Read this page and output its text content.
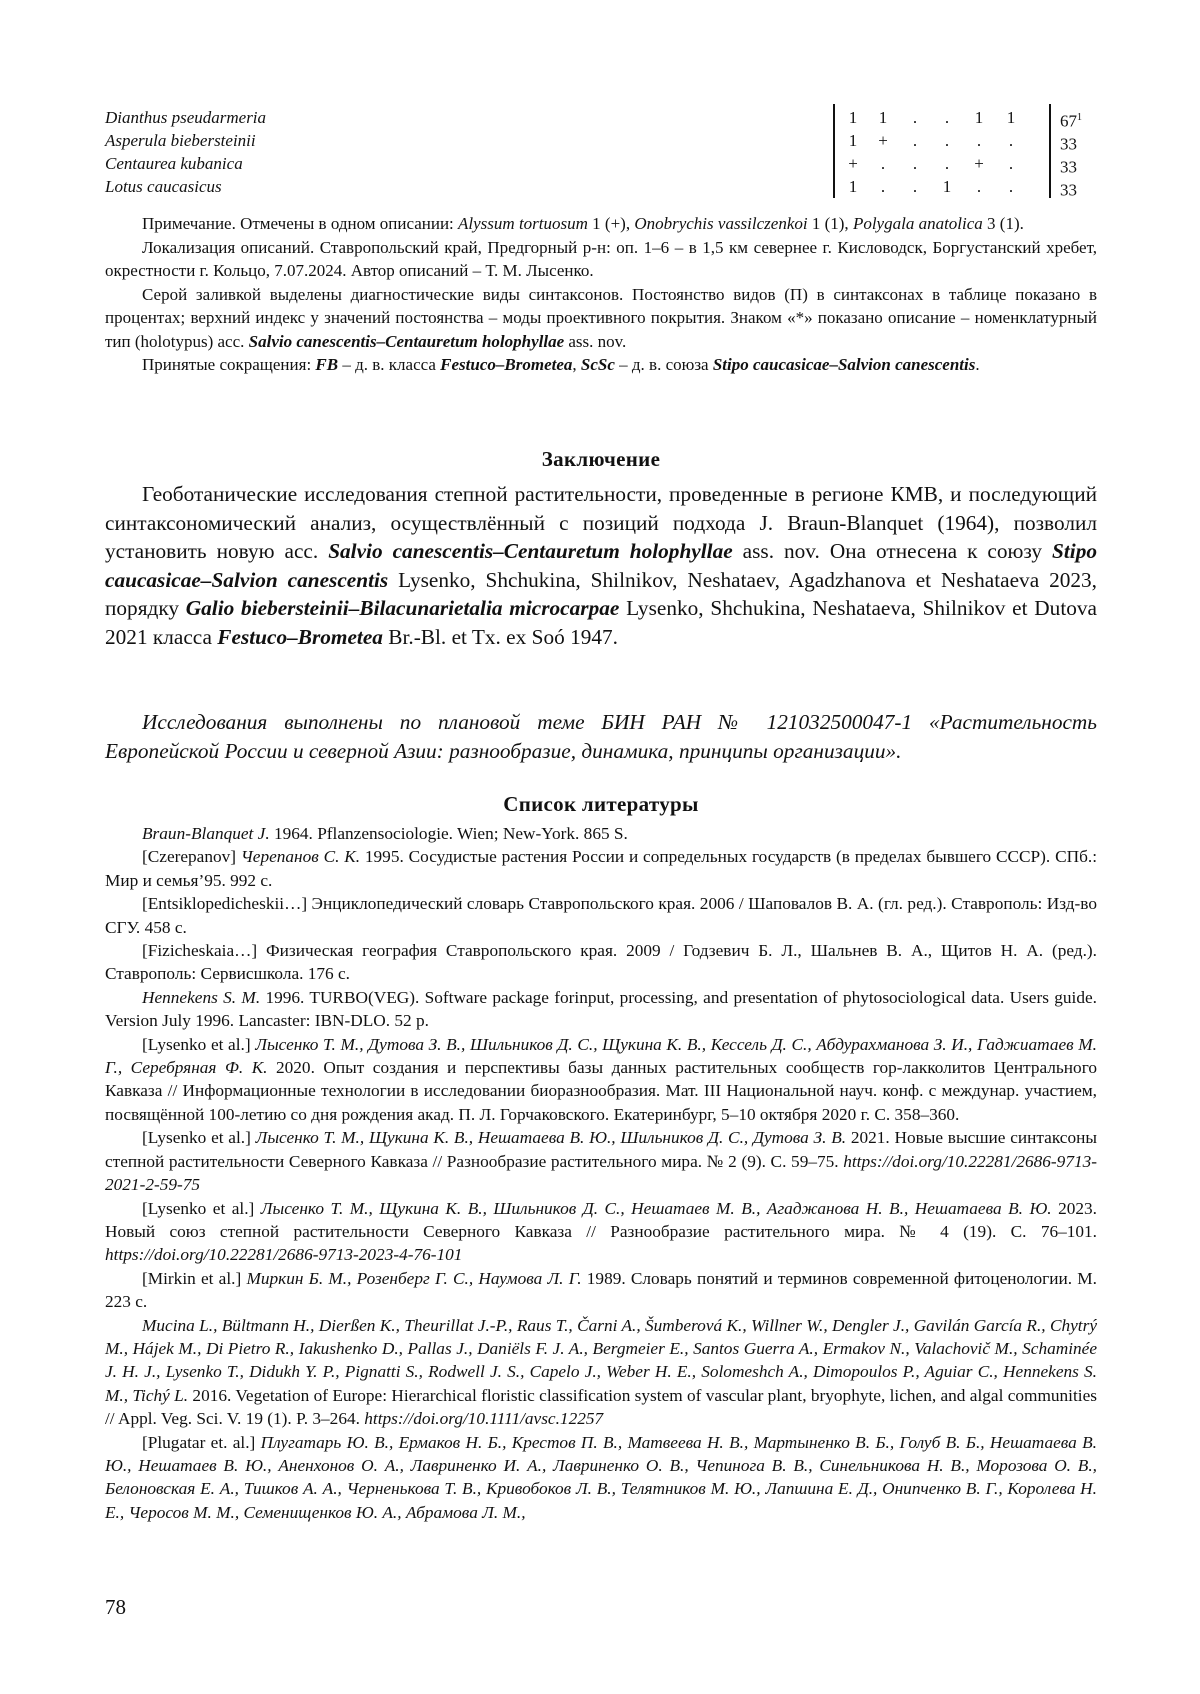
Dianthus pseudarmeria	1	1	.	.	1	1	671
Asperula biebersteinii	1	+	.	.	.	.	33
Centaurea kubanica	+	.	.	.	+	.	33
Lotus caucasicus	1	.	.	1	.	.	33

Примечание. Отмечены в одном описании: Alyssum tortuosum 1 (+), Onobrychis vassilczenkoi 1 (1), Polygala anatolica 3 (1).

Локализация описаний. Ставропольский край, Предгорный р-н: оп. 1–6 – в 1,5 км севернее г. Кисловодск, Боргустанский хребет, окрестности г. Кольцо, 7.07.2024. Автор описаний – Т. М. Лысенко.

Серой заливкой выделены диагностические виды синтаксонов. Постоянство видов (П) в синтаксонах в таблице показано в процентах; верхний индекс у значений постоянства – моды проективного покрытия. Знаком «*» показано описание – номенклатурный тип (holotypus) асс. Salvio canescentis–Centauretum holophyllae ass. nov.

Принятые сокращения: FB – д. в. класса Festuco–Brometea, ScSc – д. в. союза Stipo caucasicae–Salvion canescentis.

Заключение

Геоботанические исследования степной растительности, проведенные в регионе КМВ, и последующий синтаксономический анализ, осуществлённый с позиций подхода J. Braun-Blanquet (1964), позволил установить новую асс. Salvio canescentis–Centauretum holophyllae ass. nov. Она отнесена к союзу Stipo caucasicae–Salvion canescentis Lysenko, Shchukina, Shilnikov, Neshataev, Agadzhanova et Neshataeva 2023, порядку Galio biebersteinii–Bilacunarietalia microcarpae Lysenko, Shchukina, Neshataeva, Shilnikov et Dutova 2021 класса Festuco–Brometea Br.-Bl. et Tx. ex Soó 1947.

Исследования выполнены по плановой теме БИН РАН № 121032500047-1 «Растительность Европейской России и северной Азии: разнообразие, динамика, принципы организации».

Список литературы

Braun-Blanquet J. 1964. Pflanzensociologie. Wien; New-York. 865 S.

[Czerepanov] Черепанов С. К. 1995. Сосудистые растения России и сопредельных государств (в пределах бывшего СССР). СПб.: Мир и семья’95. 992 с.

[Entsiklopedicheskii…] Энциклопедический словарь Ставропольского края. 2006 / Шаповалов В. А. (гл. ред.). Ставрополь: Изд-во СГУ. 458 с.

[Fizicheskaia…] Физическая география Ставропольского края. 2009 / Годзевич Б. Л., Шальнев В. А., Щитов Н. А. (ред.). Ставрополь: Сервисшкола. 176 с.

Hennekens S. M. 1996. TURBO(VEG). Software package forinput, processing, and presentation of phytosociological data. Users guide. Version July 1996. Lancaster: IBN-DLO. 52 p.

[Lysenko et al.] Лысенко Т. М., Дутова З. В., Шильников Д. С., Щукина К. В., Кессель Д. С., Абдурахманова З. И., Гаджиатаев М. Г., Серебряная Ф. К. 2020. Опыт создания и перспективы базы данных растительных сообществ гор-лакколитов Центрального Кавказа // Информационные технологии в исследовании биоразнообразия. Мат. III Национальной науч. конф. с междунар. участием, посвящённой 100-летию со дня рождения акад. П. Л. Горчаковского. Екатеринбург, 5–10 октября 2020 г. С. 358–360.

[Lysenko et al.] Лысенко Т. М., Щукина К. В., Нешатаева В. Ю., Шильников Д. С., Дутова З. В. 2021. Новые высшие синтаксоны степной растительности Северного Кавказа // Разнообразие растительного мира. № 2 (9). С. 59–75. https://doi.org/10.22281/2686-9713-2021-2-59-75

[Lysenko et al.] Лысенко Т. М., Щукина К. В., Шильников Д. С., Нешатаев М. В., Агаджанова Н. В., Нешатаева В. Ю. 2023. Новый союз степной растительности Северного Кавказа // Разнообразие растительного мира. № 4 (19). С. 76–101. https://doi.org/10.22281/2686-9713-2023-4-76-101

[Mirkin et al.] Миркин Б. М., Розенберг Г. С., Наумова Л. Г. 1989. Словарь понятий и терминов современной фитоценологии. М. 223 с.

Mucina L., Bültmann H., Dierßen K., Theurillat J.-P., Raus T., Čarni A., Šumberová K., Willner W., Dengler J., Gavilán García R., Chytrý M., Hájek M., Di Pietro R., Iakushenko D., Pallas J., Daniëls F. J. A., Bergmeier E., Santos Guerra A., Ermakov N., Valachovič M., Schaminée J. H. J., Lysenko T., Didukh Y. P., Pignatti S., Rodwell J. S., Capelo J., Weber H. E., Solomeshch A., Dimopoulos P., Aguiar C., Hennekens S. M., Tichý L. 2016. Vegetation of Europe: Hierarchical floristic classification system of vascular plant, bryophyte, lichen, and algal communities // Appl. Veg. Sci. V. 19 (1). P. 3–264. https://doi.org/10.1111/avsc.12257

[Plugatar et. al.] Плугатарь Ю. В., Ермаков Н. Б., Крестов П. В., Матвеева Н. В., Мартыненко В. Б., Голуб В. Б., Нешатаева В. Ю., Нешатаев В. Ю., Аненхонов О. А., Лавриненко И. А., Лавриненко О. В., Чепинога В. В., Синельникова Н. В., Морозова О. В., Белоновская Е. А., Тишков А. А., Черненькова Т. В., Кривобоков Л. В., Телятников М. Ю., Лапшина Е. Д., Онипченко В. Г., Королева Н. Е., Черосов М. М., Семенищенков Ю. А., Абрамова Л. М.,

78
